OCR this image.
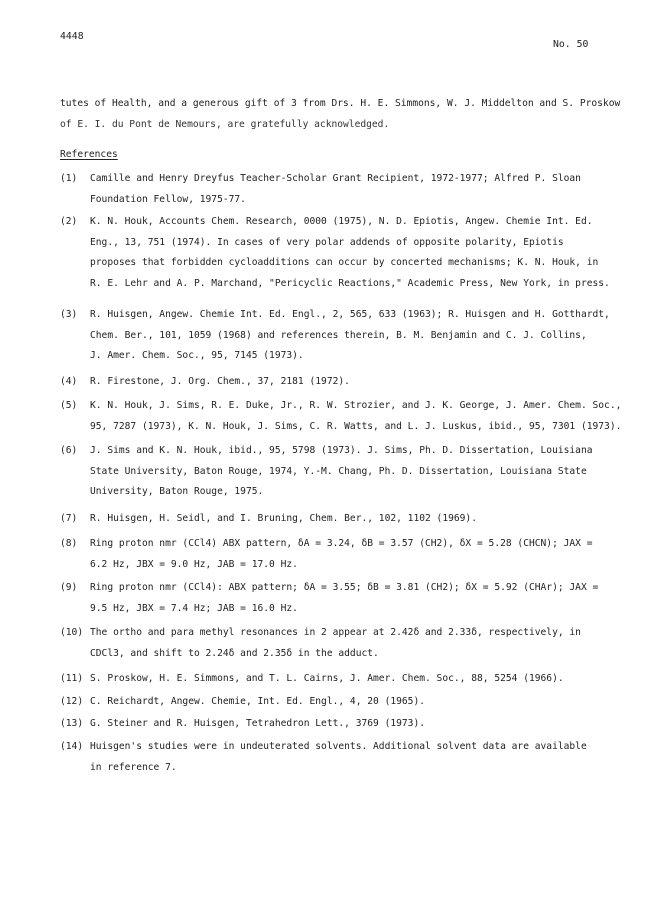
4448
No. 50
tutes of Health, and a generous gift of 3 from Drs. H. E. Simmons, W. J. Middelton and S. Proskow
of E. I. du Pont de Nemours, are gratefully acknowledged.
References
(1)	Camille and Henry Dreyfus Teacher-Scholar Grant Recipient, 1972-1977; Alfred P. Sloan
Foundation Fellow, 1975-77.
(2)	K. N. Houk, Accounts Chem. Research, 0000 (1975), N. D. Epiotis, Angew. Chemie Int. Ed.
Eng., 13, 751 (1974). In cases of very polar addends of opposite polarity, Epiotis
proposes that forbidden cycloadditions can occur by concerted mechanisms; K. N. Houk, in
R. E. Lehr and A. P. Marchand, "Pericyclic Reactions," Academic Press, New York, in press.
(3)	R. Huisgen, Angew. Chemie Int. Ed. Engl., 2, 565, 633 (1963); R. Huisgen and H. Gotthardt,
Chem. Ber., 101, 1059 (1968) and references therein, B. M. Benjamin and C. J. Collins,
J. Amer. Chem. Soc., 95, 7145 (1973).
(4)	R. Firestone, J. Org. Chem., 37, 2181 (1972).
(5)	K. N. Houk, J. Sims, R. E. Duke, Jr., R. W. Strozier, and J. K. George, J. Amer. Chem. Soc.,
95, 7287 (1973), K. N. Houk, J. Sims, C. R. Watts, and L. J. Luskus, ibid., 95, 7301 (1973).
(6)	J. Sims and K. N. Houk, ibid., 95, 5798 (1973). J. Sims, Ph. D. Dissertation, Louisiana
State University, Baton Rouge, 1974, Y.-M. Chang, Ph. D. Dissertation, Louisiana State
University, Baton Rouge, 1975.
(7)	R. Huisgen, H. Seidl, and I. Bruning, Chem. Ber., 102, 1102 (1969).
(8)	Ring proton nmr (CCl4) ABX pattern, δA = 3.24, δB = 3.57 (CH2), δX = 5.28 (CHCN); JAX =
6.2 Hz, JBX = 9.0 Hz, JAB = 17.0 Hz.
(9)	Ring proton nmr (CCl4): ABX pattern; δA = 3.55; δB = 3.81 (CH2); δX = 5.92 (CHAr); JAX =
9.5 Hz, JBX = 7.4 Hz; JAB = 16.0 Hz.
(10) The ortho and para methyl resonances in 2 appear at 2.42δ and 2.33δ, respectively, in
CDCl3, and shift to 2.24δ and 2.35δ in the adduct.
(11) S. Proskow, H. E. Simmons, and T. L. Cairns, J. Amer. Chem. Soc., 88, 5254 (1966).
(12) C. Reichardt, Angew. Chemie, Int. Ed. Engl., 4, 20 (1965).
(13) G. Steiner and R. Huisgen, Tetrahedron Lett., 3769 (1973).
(14) Huisgen's studies were in undeuterated solvents. Additional solvent data are available
in reference 7.
